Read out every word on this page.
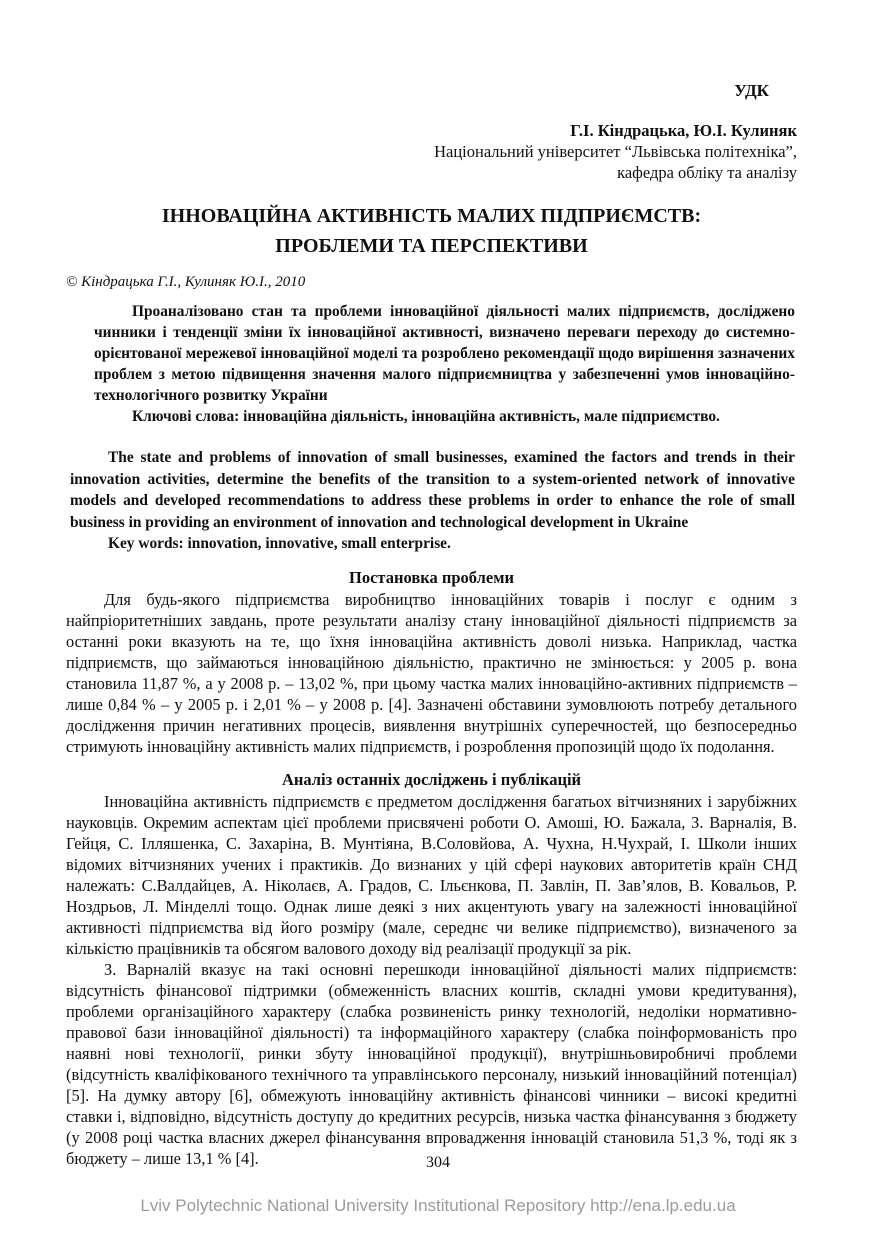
УДК
Г.І. Кіндрацька, Ю.І. Кулиняк
Національний університет “Львівська політехніка”,
кафедра обліку та аналізу
ІННОВАЦІЙНА АКТИВНІСТЬ МАЛИХ ПІДПРИЄМСТВ:
ПРОБЛЕМИ ТА ПЕРСПЕКТИВИ
© Кіндрацька Г.І., Кулиняк Ю.І., 2010

Проаналізовано стан та проблеми інноваційної діяльності малих підприємств, досліджено чинники і тенденції зміни їх інноваційної активності, визначено переваги переходу до системно-орієнтованої мережевої інноваційної моделі та розроблено рекомендації щодо вирішення зазначених проблем з метою підвищення значення малого підприємництва у забезпеченні умов інноваційно-технологічного розвитку України

Ключові слова: інноваційна діяльність, інноваційна активність, мале підприємство.

The state and problems of innovation of small businesses, examined the factors and trends in their innovation activities, determine the benefits of the transition to a system-oriented network of innovative models and developed recommendations to address these problems in order to enhance the role of small business in providing an environment of innovation and technological development in Ukraine

Key words: innovation, innovative, small enterprise.

Постановка проблеми

Для будь-якого підприємства виробництво інноваційних товарів і послуг є одним з найпріоритетніших завдань, проте результати аналізу стану інноваційної діяльності підприємств за останні роки вказують на те, що їхня інноваційна активність доволі низька. Наприклад, частка підприємств, що займаються інноваційною діяльністю, практично не змінюється: у 2005 р. вона становила 11,87 %, а у 2008 р. – 13,02 %, при цьому частка малих інноваційно-активних підприємств – лише 0,84 % – у 2005 р. і 2,01 % – у 2008 р. [4]. Зазначені обставини зумовлюють потребу детального дослідження причин негативних процесів, виявлення внутрішніх суперечностей, що безпосередньо стримують інноваційну активність малих підприємств, і розроблення пропозицій щодо їх подолання.

Аналіз останніх досліджень і публікацій

Інноваційна активність підприємств є предметом дослідження багатьох вітчизняних і зарубіжних науковців. Окремим аспектам цієї проблеми присвячені роботи О. Амоші, Ю. Бажала, З. Варналія, В. Гейця, С. Ілляшенка, С. Захаріна, В. Мунтіяна, В.Соловйова, А. Чухна, Н.Чухрай, І. Школи інших відомих вітчизняних учених і практиків. До визнаних у цій сфері наукових авторитетів країн СНД належать: С.Валдайцев, А. Ніколаєв, А. Градов, С. Ільєнкова, П. Завлін, П. Зав’ялов, В. Ковальов, Р. Ноздрьов, Л. Мінделлі тощо. Однак лише деякі з них акцентують увагу на залежності інноваційної активності підприємства від його розміру (мале, середнє чи велике підприємство), визначеного за кількістю працівників та обсягом валового доходу від реалізації продукції за рік.

З. Варналій вказує на такі основні перешкоди інноваційної діяльності малих підприємств: відсутність фінансової підтримки (обмеженність власних коштів, складні умови кредитування), проблеми організаційного характеру (слабка розвиненість ринку технологій, недоліки нормативно-правової бази інноваційної діяльності) та інформаційного характеру (слабка поінформованість про наявні нові технології, ринки збуту інноваційної продукції), внутрішньовиробничі проблеми (відсутність кваліфікованого технічного та управлінського персоналу, низький інноваційний потенціал) [5]. На думку автору [6], обмежують інноваційну активність фінансові чинники – високі кредитні ставки і, відповідно, відсутність доступу до кредитних ресурсів, низька частка фінансування з бюджету (у 2008 році частка власних джерел фінансування впровадження інновацій становила 51,3 %, тоді як з бюджету – лише 13,1 % [4].	304
Lviv Polytechnic National University Institutional Repository http://ena.lp.edu.ua
